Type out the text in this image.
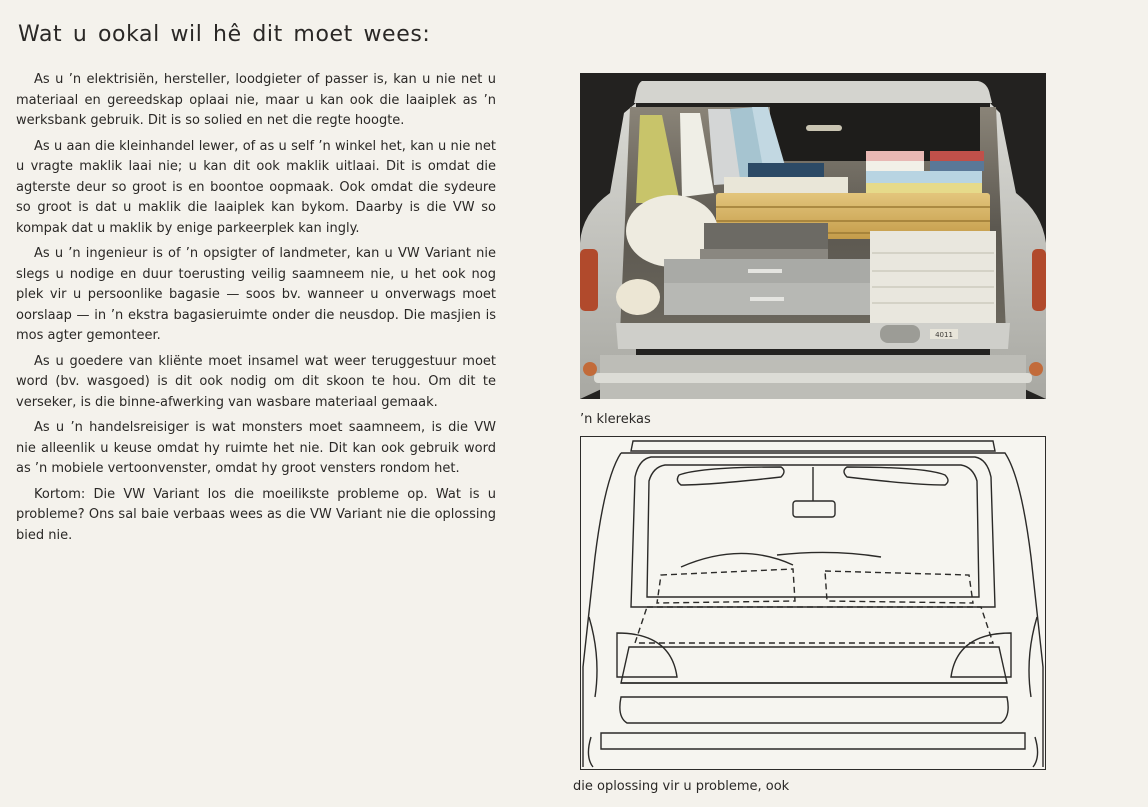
Wat u ookal wil hê dit moet wees:

As u ’n elektrisiën, hersteller, loodgieter of passer is, kan u nie net u materiaal en gereedskap oplaai nie, maar u kan ook die laaiplek as ’n werksbank gebruik. Dit is so solied en net die regte hoogte.

As u aan die kleinhandel lewer, of as u self ’n winkel het, kan u nie net u vragte maklik laai nie; u kan dit ook maklik uitlaai. Dit is omdat die agterste deur so groot is en boontoe oopmaak. Ook omdat die sydeure so groot is dat u maklik die laaiplek kan bykom. Daarby is die VW so kompak dat u maklik by enige parkeerplek kan ingly.

As u ’n ingenieur is of ’n opsigter of landmeter, kan u VW Variant nie slegs u nodige en duur toerusting veilig saamneem nie, u het ook nog plek vir u persoonlike bagasie — soos bv. wanneer u onverwags moet oorslaap — in ’n ekstra bagasieruimte onder die neusdop. Die masjien is mos agter gemonteer.

As u goedere van kliënte moet insamel wat weer teruggestuur moet word (bv. wasgoed) is dit ook nodig om dit skoon te hou. Om dit te verseker, is die binne-afwerking van wasbare materiaal gemaak.

As u ’n handelsreisiger is wat monsters moet saamneem, is die VW nie alleenlik u keuse omdat hy ruimte het nie. Dit kan ook gebruik word as ’n mobiele vertoonvenster, omdat hy groot vensters rondom het.

Kortom: Die VW Variant los die moeilikste probleme op. Wat is u probleme? Ons sal baie verbaas wees as die VW Variant nie die oplossing bied nie.

4011
’n klerekas
die oplossing vir u probleme, ook
